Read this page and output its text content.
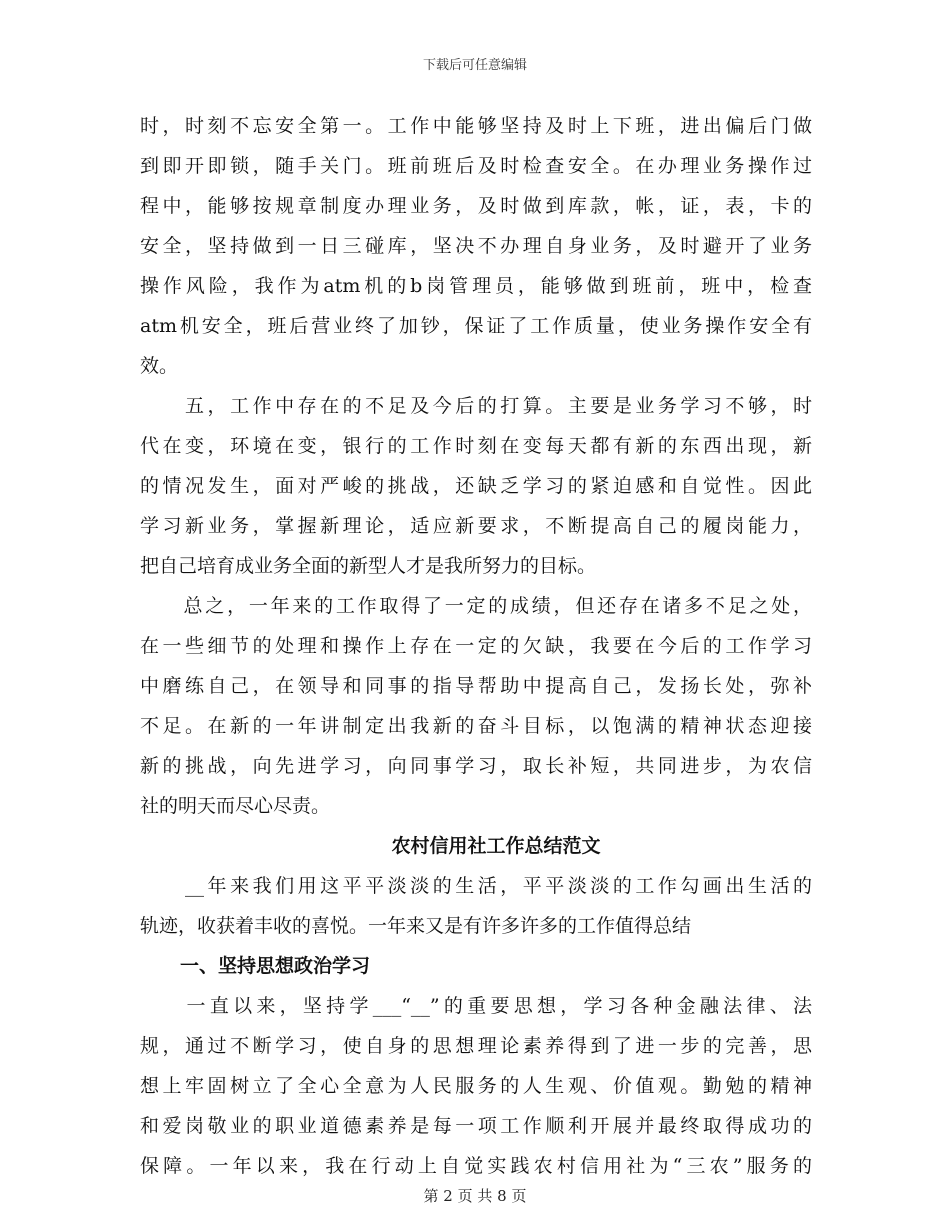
下载后可任意编辑
时，时刻不忘安全第一。工作中能够坚持及时上下班，进出偏后门做
到即开即锁，随手关门。班前班后及时检查安全。在办理业务操作过
程中，能够按规章制度办理业务，及时做到库款，帐，证，表，卡的
安全，坚持做到一日三碰库，坚决不办理自身业务，及时避开了业务
操作风险，我作为atm机的b岗管理员，能够做到班前，班中，检查
atm机安全，班后营业终了加钞，保证了工作质量，使业务操作安全有
效。
　　五，工作中存在的不足及今后的打算。主要是业务学习不够，时
代在变，环境在变，银行的工作时刻在变每天都有新的东西出现，新
的情况发生，面对严峻的挑战，还缺乏学习的紧迫感和自觉性。因此
学习新业务，掌握新理论，适应新要求，不断提高自己的履岗能力，
把自己培育成业务全面的新型人才是我所努力的目标。
　　总之，一年来的工作取得了一定的成绩，但还存在诸多不足之处，
在一些细节的处理和操作上存在一定的欠缺，我要在今后的工作学习
中磨练自己，在领导和同事的指导帮助中提高自己，发扬长处，弥补
不足。在新的一年讲制定出我新的奋斗目标，以饱满的精神状态迎接
新的挑战，向先进学习，向同事学习，取长补短，共同进步，为农信
社的明天而尽心尽责。
农村信用社工作总结范文
　　__年来我们用这平平淡淡的生活，平平淡淡的工作勾画出生活的
轨迹，收获着丰收的喜悦。一年来又是有许多许多的工作值得总结
一、坚持思想政治学习
　　一直以来，坚持学___“__”的重要思想，学习各种金融法律、法
规，通过不断学习，使自身的思想理论素养得到了进一步的完善，思
想上牢固树立了全心全意为人民服务的人生观、价值观。勤勉的精神
和爱岗敬业的职业道德素养是每一项工作顺利开展并最终取得成功的
保障。一年以来，我在行动上自觉实践农村信用社为“三农”服务的
第 2 页 共 8 页
